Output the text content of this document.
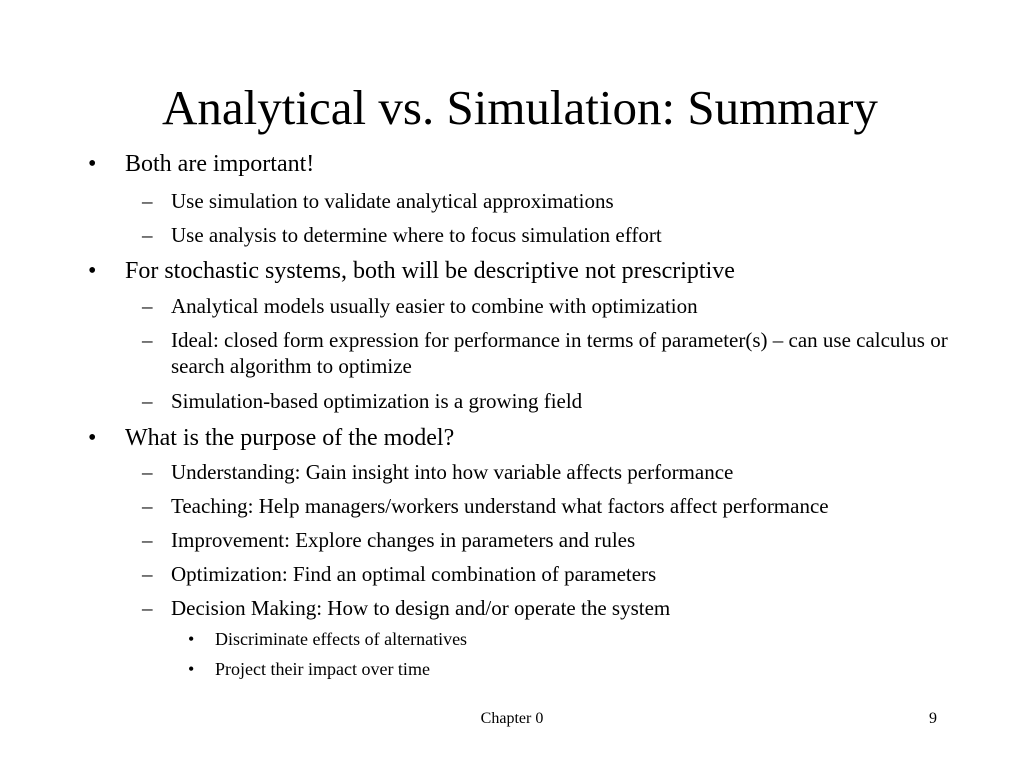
Analytical vs. Simulation: Summary
• Both are important!
– Use simulation to validate analytical approximations
– Use analysis to determine where to focus simulation effort
• For stochastic systems, both will be descriptive not prescriptive
– Analytical models usually easier to combine with optimization
– Ideal: closed form expression for performance in terms of parameter(s) – can use calculus or search algorithm to optimize
– Simulation-based optimization is a growing field
• What is the purpose of the model?
– Understanding: Gain insight into how variable affects performance
– Teaching: Help managers/workers understand what factors affect performance
– Improvement: Explore changes in parameters and rules
– Optimization: Find an optimal combination of parameters
– Decision Making: How to design and/or operate the system
• Discriminate effects of alternatives
• Project their impact over time
Chapter 0	9
